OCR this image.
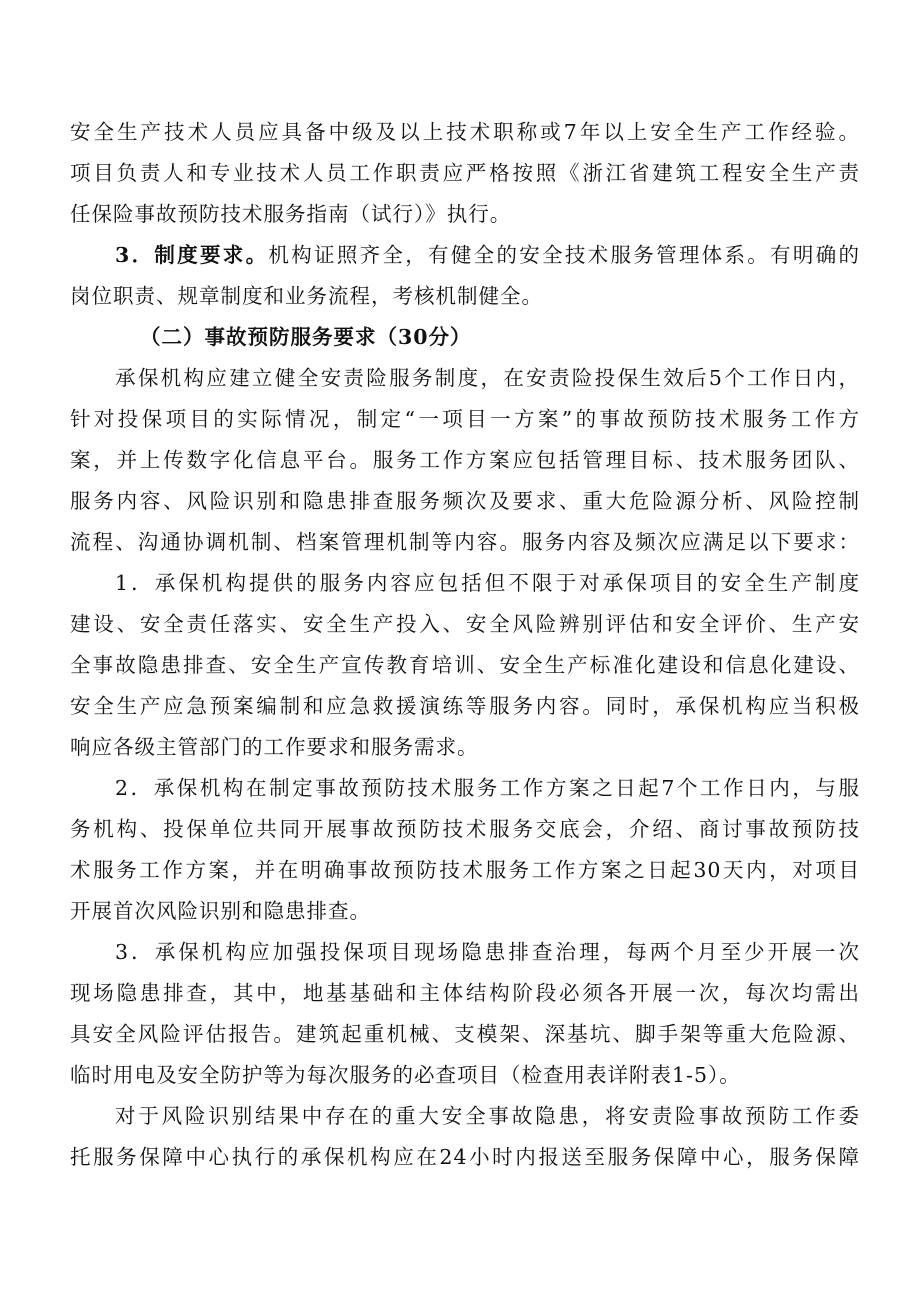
安全生产技术人员应具备中级及以上技术职称或7年以上安全生产工作经验。
项目负责人和专业技术人员工作职责应严格按照《浙江省建筑工程安全生产责
任保险事故预防技术服务指南（试行）》执行。
3．制度要求。机构证照齐全，有健全的安全技术服务管理体系。有明确的
岗位职责、规章制度和业务流程，考核机制健全。
（二）事故预防服务要求（30分）
承保机构应建立健全安责险服务制度，在安责险投保生效后5个工作日内，
针对投保项目的实际情况，制定“一项目一方案”的事故预防技术服务工作方
案，并上传数字化信息平台。服务工作方案应包括管理目标、技术服务团队、
服务内容、风险识别和隐患排查服务频次及要求、重大危险源分析、风险控制
流程、沟通协调机制、档案管理机制等内容。服务内容及频次应满足以下要求：
1．承保机构提供的服务内容应包括但不限于对承保项目的安全生产制度
建设、安全责任落实、安全生产投入、安全风险辨别评估和安全评价、生产安
全事故隐患排查、安全生产宣传教育培训、安全生产标准化建设和信息化建设、
安全生产应急预案编制和应急救援演练等服务内容。同时，承保机构应当积极
响应各级主管部门的工作要求和服务需求。
2．承保机构在制定事故预防技术服务工作方案之日起7个工作日内，与服
务机构、投保单位共同开展事故预防技术服务交底会，介绍、商讨事故预防技
术服务工作方案，并在明确事故预防技术服务工作方案之日起30天内，对项目
开展首次风险识别和隐患排查。
3．承保机构应加强投保项目现场隐患排查治理，每两个月至少开展一次
现场隐患排查，其中，地基基础和主体结构阶段必须各开展一次，每次均需出
具安全风险评估报告。建筑起重机械、支模架、深基坑、脚手架等重大危险源、
临时用电及安全防护等为每次服务的必查项目（检查用表详附表1-5）。
对于风险识别结果中存在的重大安全事故隐患，将安责险事故预防工作委
托服务保障中心执行的承保机构应在24小时内报送至服务保障中心，服务保障
